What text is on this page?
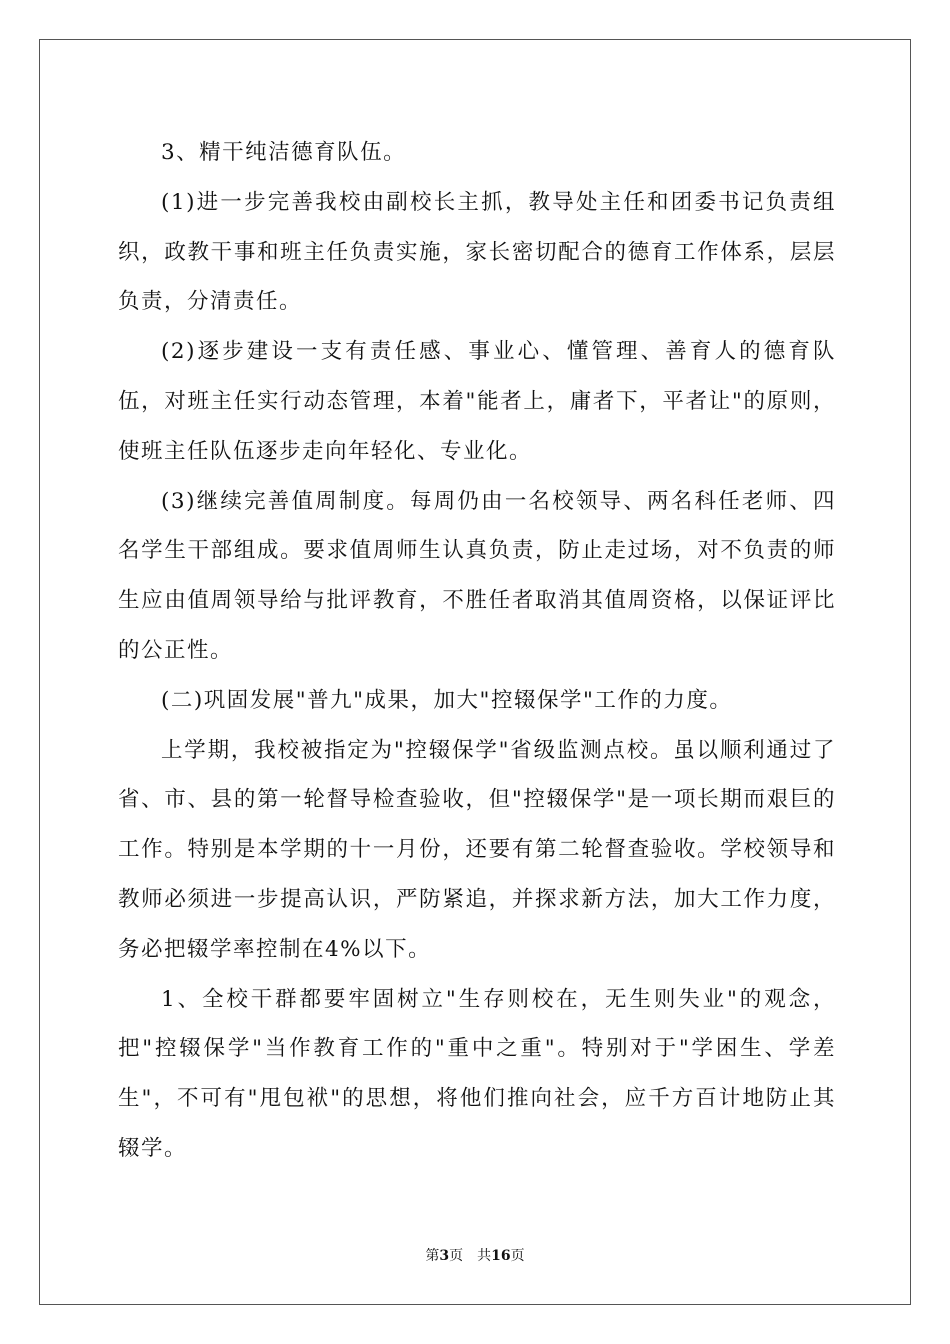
3、精干纯洁德育队伍。

(1)进一步完善我校由副校长主抓，教导处主任和团委书记负责组织，政教干事和班主任负责实施，家长密切配合的德育工作体系，层层负责，分清责任。

(2)逐步建设一支有责任感、事业心、懂管理、善育人的德育队伍，对班主任实行动态管理，本着"能者上，庸者下，平者让"的原则，使班主任队伍逐步走向年轻化、专业化。

(3)继续完善值周制度。每周仍由一名校领导、两名科任老师、四名学生干部组成。要求值周师生认真负责，防止走过场，对不负责的师生应由值周领导给与批评教育，不胜任者取消其值周资格，以保证评比的公正性。

(二)巩固发展"普九"成果，加大"控辍保学"工作的力度。

上学期，我校被指定为"控辍保学"省级监测点校。虽以顺利通过了省、市、县的第一轮督导检查验收，但"控辍保学"是一项长期而艰巨的工作。特别是本学期的十一月份，还要有第二轮督查验收。学校领导和教师必须进一步提高认识，严防紧追，并探求新方法，加大工作力度，务必把辍学率控制在4%以下。

1、全校干群都要牢固树立"生存则校在，无生则失业"的观念，把"控辍保学"当作教育工作的"重中之重"。特别对于"学困生、学差生"，不可有"甩包袱"的思想，将他们推向社会，应千方百计地防止其辍学。

第3页 共16页
